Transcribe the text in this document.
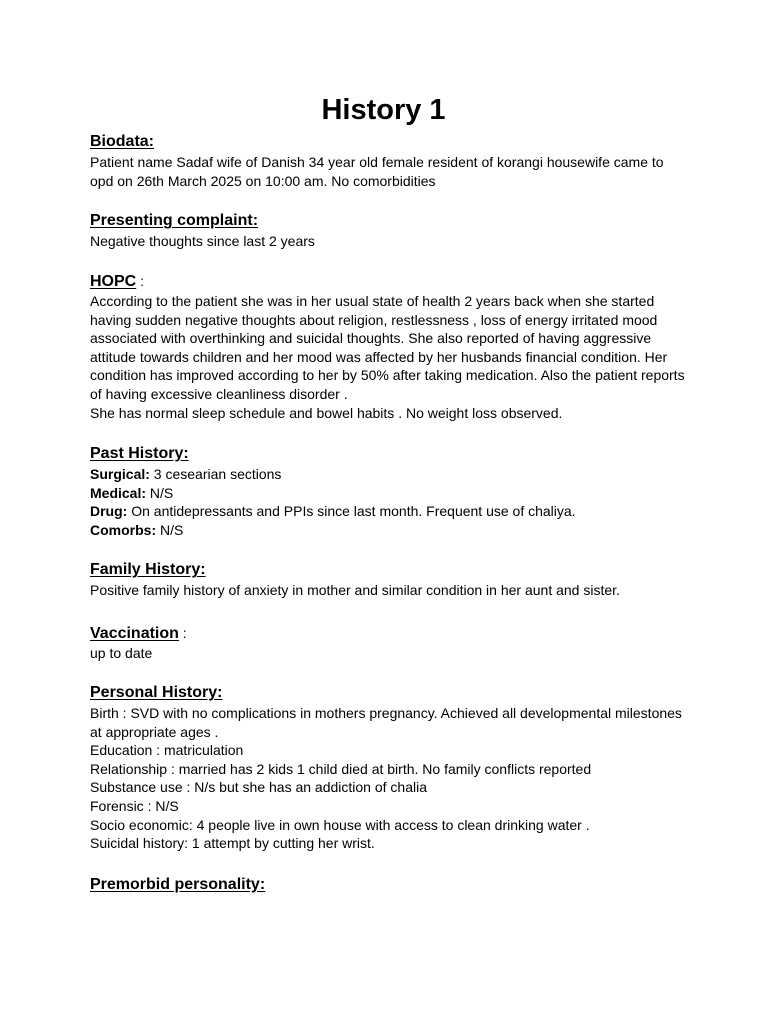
History 1

Biodata:

Patient name Sadaf wife of Danish 34 year old female resident of korangi housewife came to
opd on 26th March 2025 on 10:00 am. No comorbidities

Presenting complaint:

Negative thoughts since last 2 years

HOPC :

According to the patient she was in her usual state of health 2 years back when she started
having sudden negative thoughts about religion, restlessness , loss of energy irritated mood
associated with overthinking and suicidal thoughts. She also reported of having aggressive
attitude towards children and her mood was affected by her husbands financial condition. Her
condition has improved according to her by 50% after taking medication. Also the patient reports
of having excessive cleanliness disorder .
She has normal sleep schedule and bowel habits . No weight loss observed.

Past History:

Surgical: 3 cesearian sections
Medical: N/S
Drug: On antidepressants and PPIs since last month. Frequent use of chaliya.
Comorbs: N/S

Family History:

Positive family history of anxiety in mother and similar condition in her aunt and sister.

Vaccination :

up to date

Personal History:

Birth : SVD with no complications in mothers pregnancy. Achieved all developmental milestones
at appropriate ages .
Education : matriculation
Relationship : married has 2 kids 1 child died at birth. No family conflicts reported
Substance use : N/s but she has an addiction of chalia
Forensic : N/S
Socio economic: 4 people live in own house with access to clean drinking water .
Suicidal history: 1 attempt by cutting her wrist.

Premorbid personality:
